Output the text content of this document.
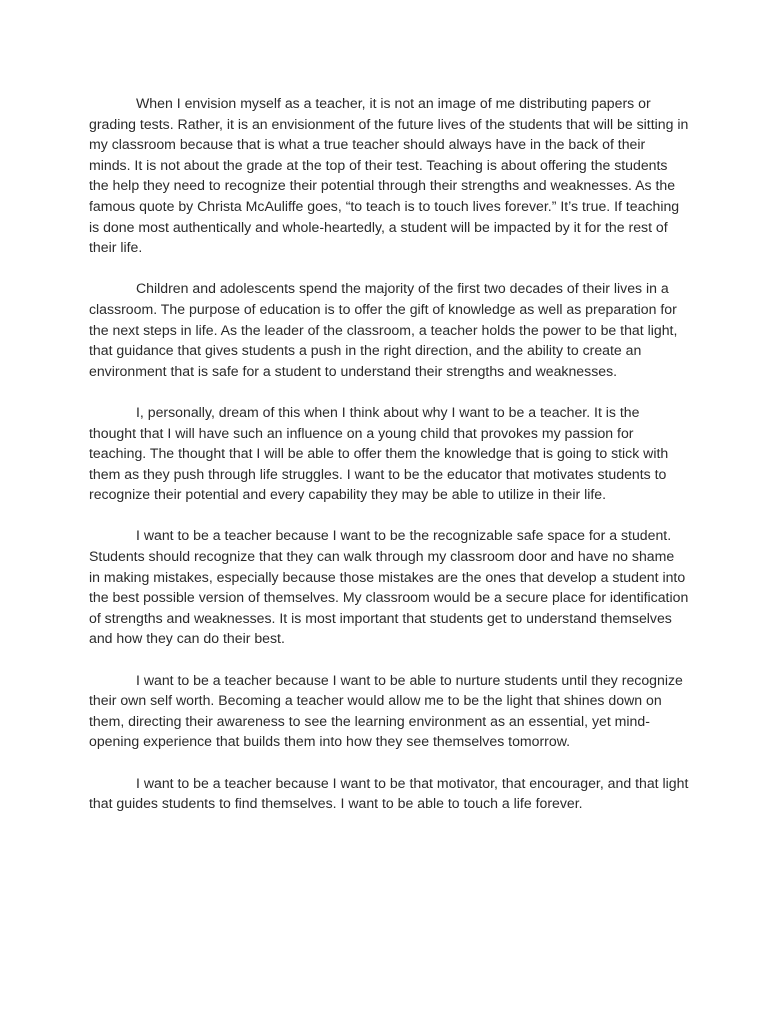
When I envision myself as a teacher, it is not an image of me distributing papers or grading tests. Rather, it is an envisionment of the future lives of the students that will be sitting in my classroom because that is what a true teacher should always have in the back of their minds. It is not about the grade at the top of their test. Teaching is about offering the students the help they need to recognize their potential through their strengths and weaknesses. As the famous quote by Christa McAuliffe goes, “to teach is to touch lives forever.” It’s true. If teaching is done most authentically and whole-heartedly, a student will be impacted by it for the rest of their life.

Children and adolescents spend the majority of the first two decades of their lives in a classroom. The purpose of education is to offer the gift of knowledge as well as preparation for the next steps in life. As the leader of the classroom, a teacher holds the power to be that light, that guidance that gives students a push in the right direction, and the ability to create an environment that is safe for a student to understand their strengths and weaknesses.

I, personally, dream of this when I think about why I want to be a teacher. It is the thought that I will have such an influence on a young child that provokes my passion for teaching. The thought that I will be able to offer them the knowledge that is going to stick with them as they push through life struggles. I want to be the educator that motivates students to recognize their potential and every capability they may be able to utilize in their life.

I want to be a teacher because I want to be the recognizable safe space for a student. Students should recognize that they can walk through my classroom door and have no shame in making mistakes, especially because those mistakes are the ones that develop a student into the best possible version of themselves. My classroom would be a secure place for identification of strengths and weaknesses. It is most important that students get to understand themselves and how they can do their best.

I want to be a teacher because I want to be able to nurture students until they recognize their own self worth. Becoming a teacher would allow me to be the light that shines down on them, directing their awareness to see the learning environment as an essential, yet mind-opening experience that builds them into how they see themselves tomorrow.

I want to be a teacher because I want to be that motivator, that encourager, and that light that guides students to find themselves. I want to be able to touch a life forever.
